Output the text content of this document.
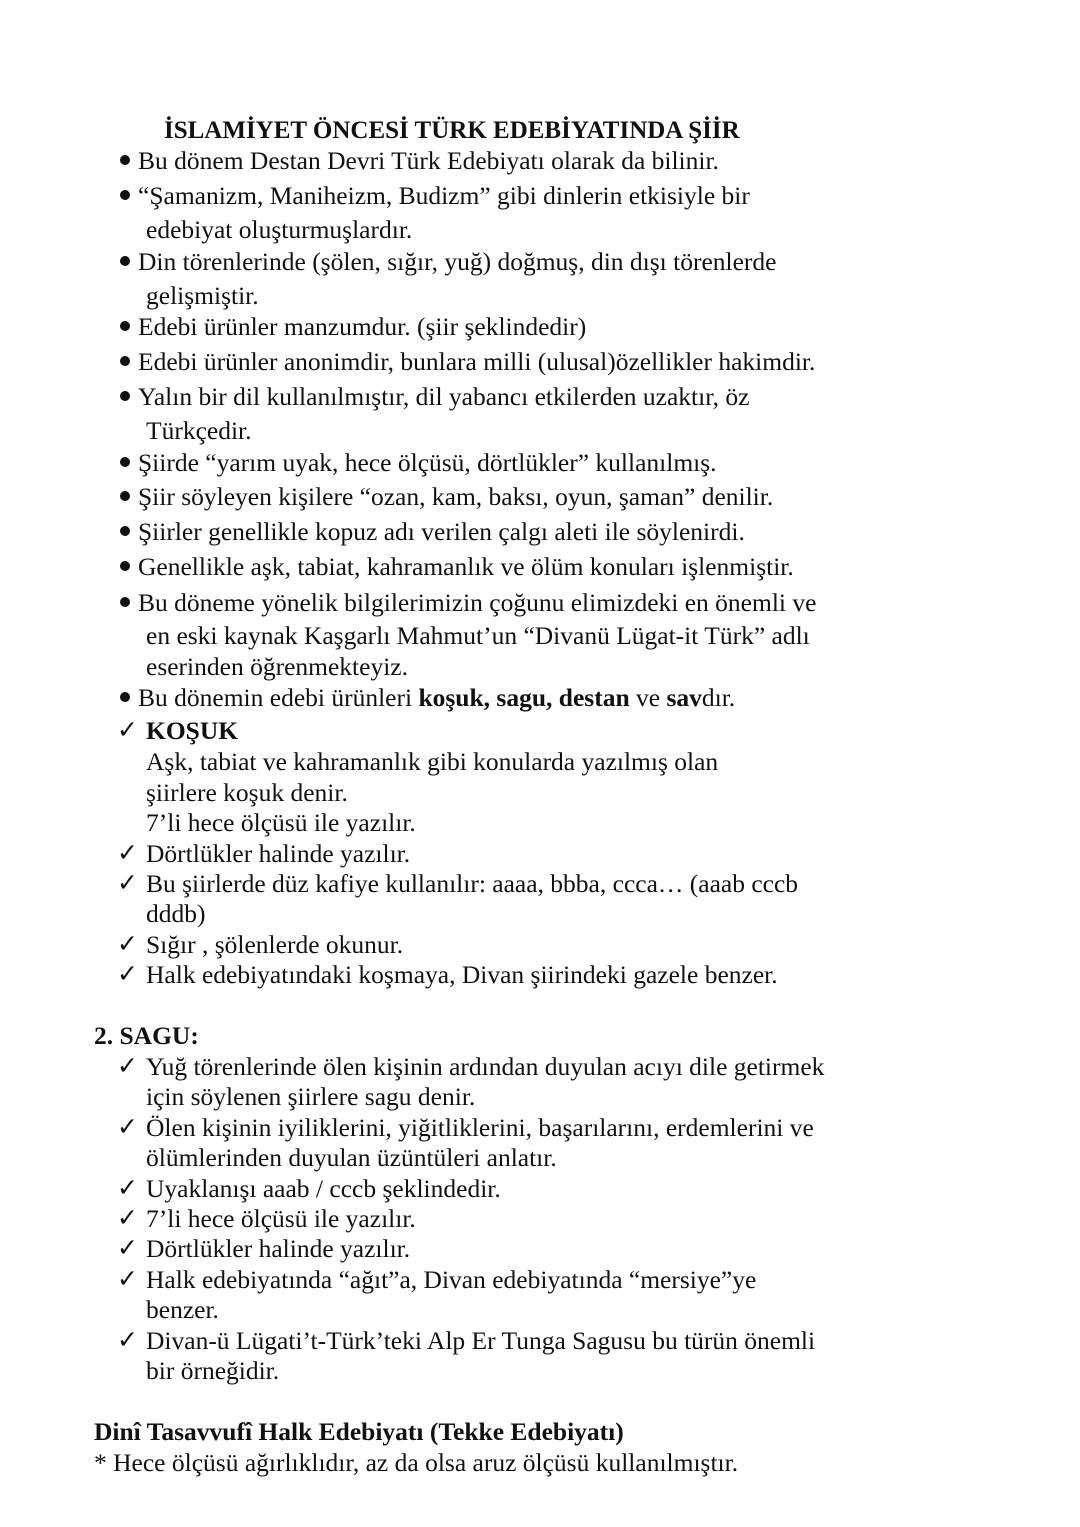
İSLAMİYET ÖNCESİ TÜRK EDEBİYATINDA ŞİİR
Bu dönem Destan Devri Türk Edebiyatı olarak da bilinir.
“Şamanizm, Maniheizm, Budizm” gibi dinlerin etkisiyle bir
edebiyat oluşturmuşlardır.
Din törenlerinde (şölen, sığır, yuğ) doğmuş, din dışı törenlerde
gelişmiştir.
Edebi ürünler manzumdur. (şiir şeklindedir)
Edebi ürünler anonimdir, bunlara milli (ulusal)özellikler hakimdir.
Yalın bir dil kullanılmıştır, dil yabancı etkilerden uzaktır, öz
Türkçedir.
Şiirde “yarım uyak, hece ölçüsü, dörtlükler” kullanılmış.
Şiir söyleyen kişilere “ozan, kam, baksı, oyun, şaman” denilir.
Şiirler genellikle kopuz adı verilen çalgı aleti ile söylenirdi.
Genellikle aşk, tabiat, kahramanlık ve ölüm konuları işlenmiştir.
Bu döneme yönelik bilgilerimizin çoğunu elimizdeki en önemli ve
en eski kaynak Kaşgarlı Mahmut’un “Divanü Lügat-it Türk” adlı
eserinden öğrenmekteyiz.
Bu dönemin edebi ürünleri koşuk, sagu, destan ve savdır.
✓ KOŞUK
Aşk, tabiat ve kahramanlık gibi konularda yazılmış olan
şiirlere koşuk denir.
7’li hece ölçüsü ile yazılır.
✓ Dörtlükler halinde yazılır.
✓ Bu şiirlerde düz kafiye kullanılır: aaaa, bbba, ccca… (aaab cccb
dddb)
✓ Sığır , şölenlerde okunur.
✓ Halk edebiyatındaki koşmaya, Divan şiirindeki gazele benzer.
2. SAGU:
✓ Yuğ törenlerinde ölen kişinin ardından duyulan acıyı dile getirmek
için söylenen şiirlere sagu denir.
✓ Ölen kişinin iyiliklerini, yiğitliklerini, başarılarını, erdemlerini ve
ölümlerinden duyulan üzüntüleri anlatır.
✓ Uyaklanışı aaab / cccb şeklindedir.
✓ 7’li hece ölçüsü ile yazılır.
✓ Dörtlükler halinde yazılır.
✓ Halk edebiyatında “ağıt”a, Divan edebiyatında “mersiye”ye
benzer.
✓ Divan-ü Lügati’t-Türk’teki Alp Er Tunga Sagusu bu türün önemli
bir örneğidir.
Dinî Tasavvufî Halk Edebiyatı (Tekke Edebiyatı)
* Hece ölçüsü ağırlıklıdır, az da olsa aruz ölçüsü kullanılmıştır.
